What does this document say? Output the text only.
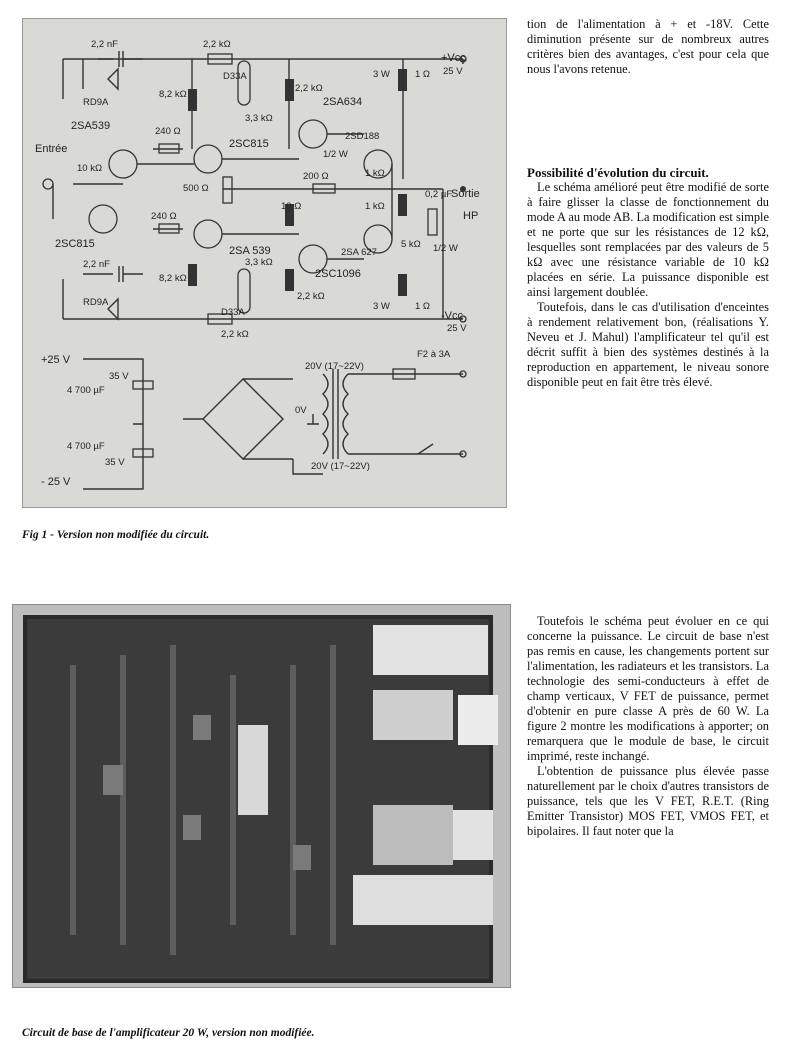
2,2 nF	2,2 kΩ
D33A
+Vcc
25 V
RD9A
8,2 kΩ
2,2 kΩ
2SA634
3 W	1 Ω
2SA539	240 Ω
3,3 kΩ
2SC815
2SD188
Entrée
10 kΩ
1/2 W
1 kΩ
500 Ω
200 Ω
0,2 µF
Sortie
HP
10 Ω	1 kΩ
5 kΩ 1/2 W
2SC815
240 Ω
2SA 539	2SA 627
2,2 nF	3,3 kΩ
2SC1096
8,2 kΩ
2,2 kΩ
RD9A
D33A
3 W	1 Ω
-Vcc
25 V
2,2 kΩ
+25 V
35 V
4 700 µF
4 700 µF
35 V
- 25 V
20V (17~22V)
F2 à 3A
0V
20V (17~22V)
Fig 1 - Version non modifiée du circuit.
Circuit de base de l'amplificateur 20 W, version non modifiée.

tion de l'alimentation à + et -18V. Cette diminution présente sur de nombreux autres critères bien des avantages, c'est pour cela que nous l'avons retenue.

Possibilité d'évolution du circuit.

Le schéma amélioré peut être modifié de sorte à faire glisser la classe de fonctionnement du mode A au mode AB. La modification est simple et ne porte que sur les résistances de 12 kΩ, lesquelles sont remplacées par des valeurs de 5 kΩ avec une résistance variable de 10 kΩ placées en série. La puissance disponible est ainsi largement doublée.

Toutefois, dans le cas d'utilisation d'enceintes à rendement relativement bon, (réalisations Y. Neveu et J. Mahul) l'amplificateur tel qu'il est décrit suffit à bien des systèmes destinés à la reproduction en appartement, le niveau sonore disponible peut en fait être très élevé.

Toutefois le schéma peut évoluer en ce qui concerne la puissance. Le circuit de base n'est pas remis en cause, les changements portent sur l'alimentation, les radiateurs et les transistors. La technologie des semi-conducteurs à effet de champ verticaux, V FET de puissance, permet d'obtenir en pure classe A près de 60 W. La figure 2 montre les modifications à apporter; on remarquera que le module de base, le circuit imprimé, reste inchangé.

L'obtention de puissance plus élevée passe naturellement par le choix d'autres transistors de puissance, tels que les V FET, R.E.T. (Ring Emitter Transistor) MOS FET, VMOS FET, et bipolaires. Il faut noter que la
